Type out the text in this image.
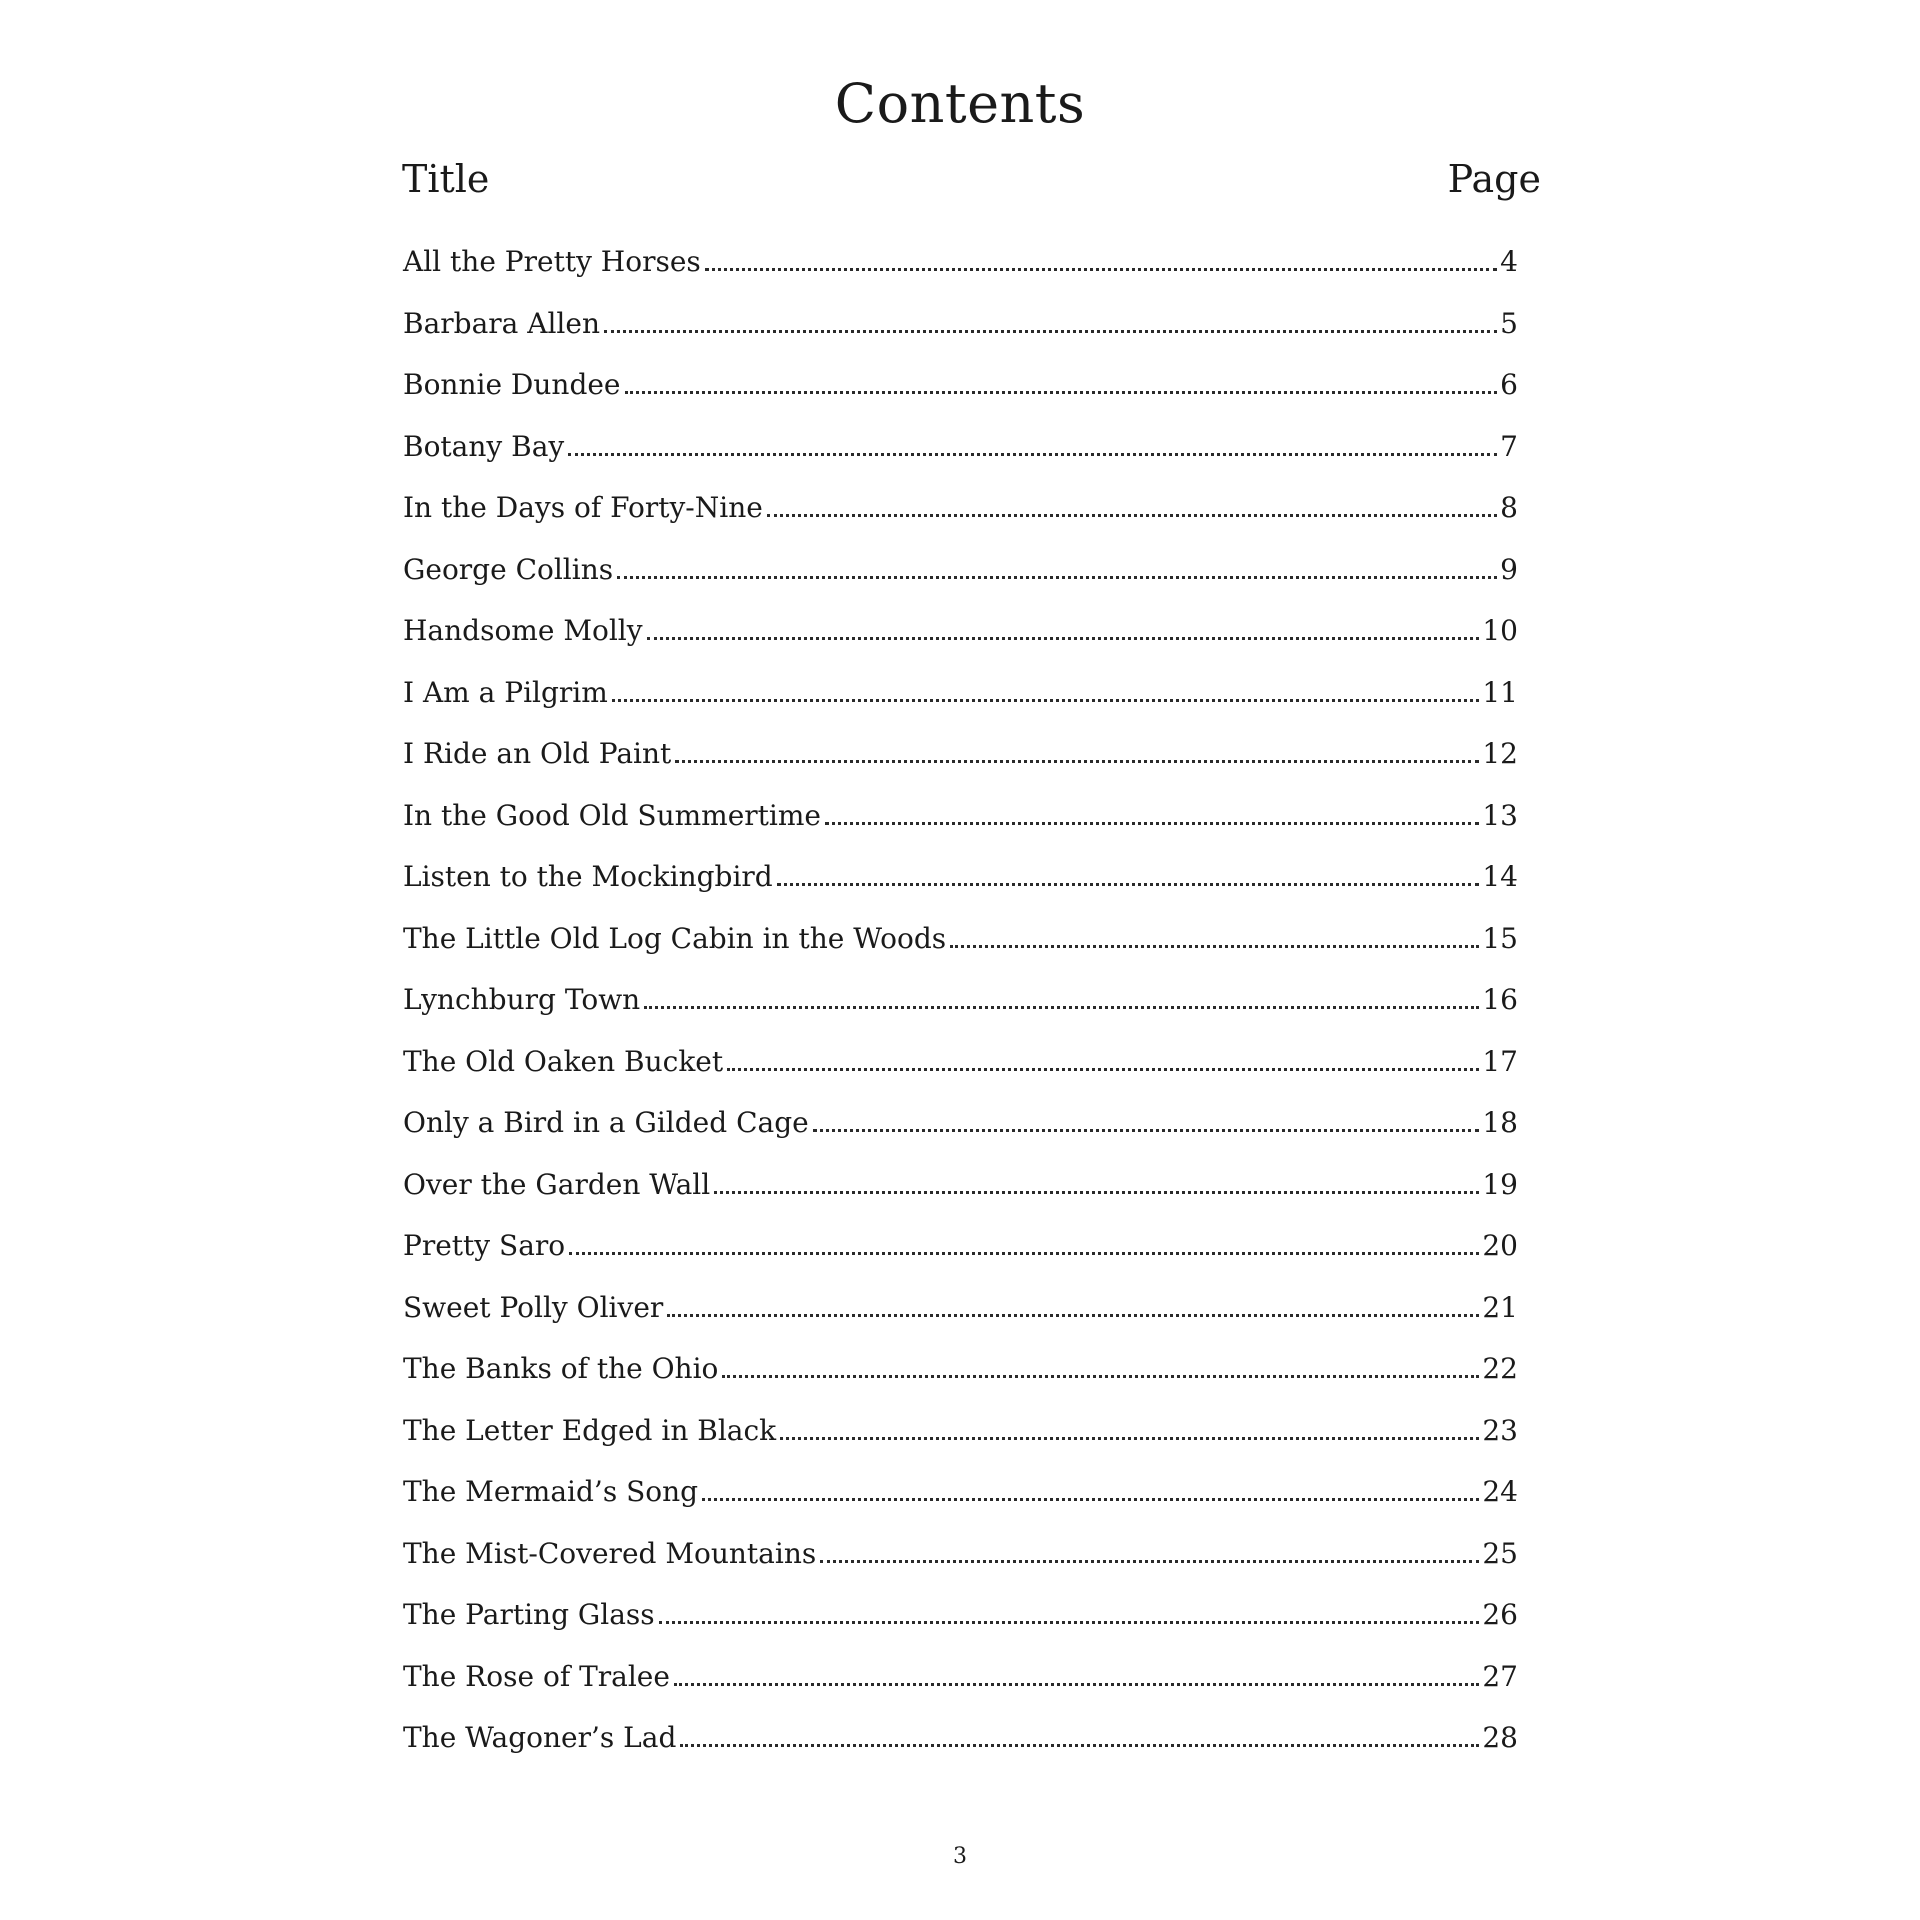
Contents
Title	Page
All the Pretty Horses	4
Barbara Allen	5
Bonnie Dundee	6
Botany Bay	7
In the Days of Forty-Nine	8
George Collins	9
Handsome Molly	10
I Am a Pilgrim	11
I Ride an Old Paint	12
In the Good Old Summertime	13
Listen to the Mockingbird	14
The Little Old Log Cabin in the Woods	15
Lynchburg Town	16
The Old Oaken Bucket	17
Only a Bird in a Gilded Cage	18
Over the Garden Wall	19
Pretty Saro	20
Sweet Polly Oliver	21
The Banks of the Ohio	22
The Letter Edged in Black	23
The Mermaid’s Song	24
The Mist-Covered Mountains	25
The Parting Glass	26
The Rose of Tralee	27
The Wagoner’s Lad	28
3
